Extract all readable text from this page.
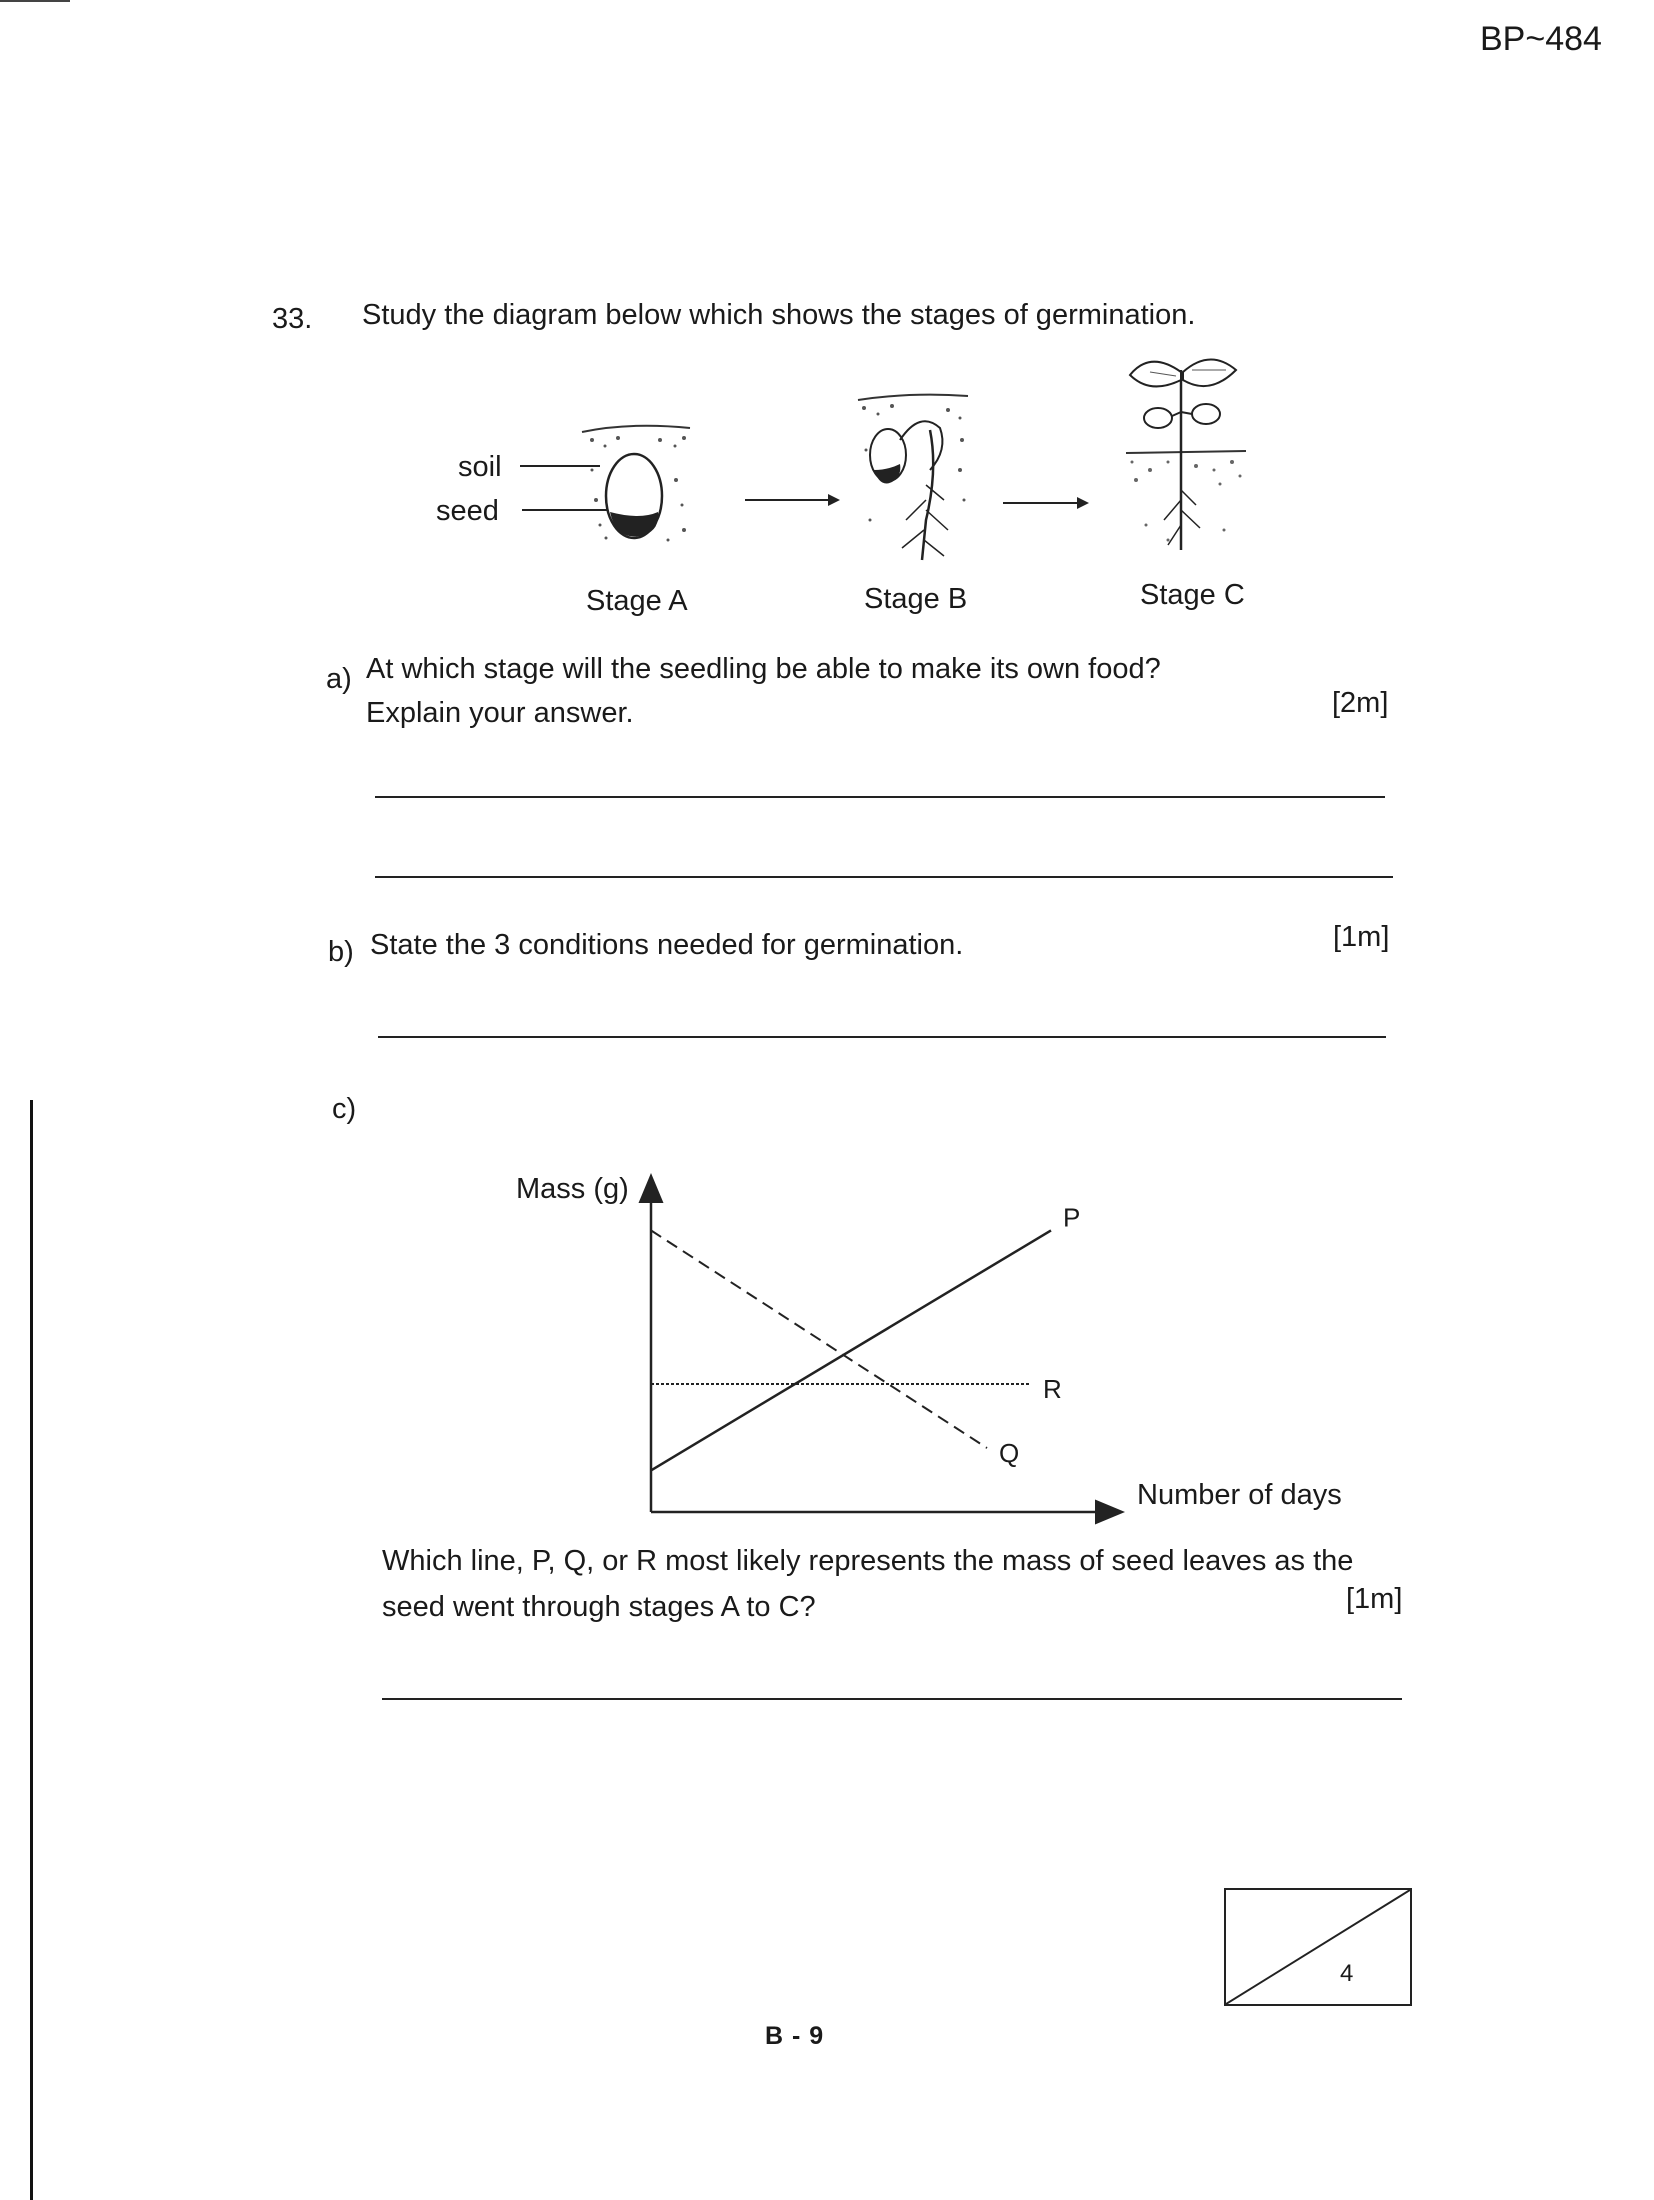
BP~484
33. Study the diagram below which shows the stages of germination.
soil
seed
Stage A	Stage B	Stage C
a) At which stage will the seedling be able to make its own food?
Explain your answer.	[2m]
b) State the 3 conditions needed for germination.	[1m]
c)
Mass (g)
Number of days
P
Q
R
Which line, P, Q, or R most likely represents the mass of seed leaves as the
seed went through stages A to C?	[1m]
4
B - 9
